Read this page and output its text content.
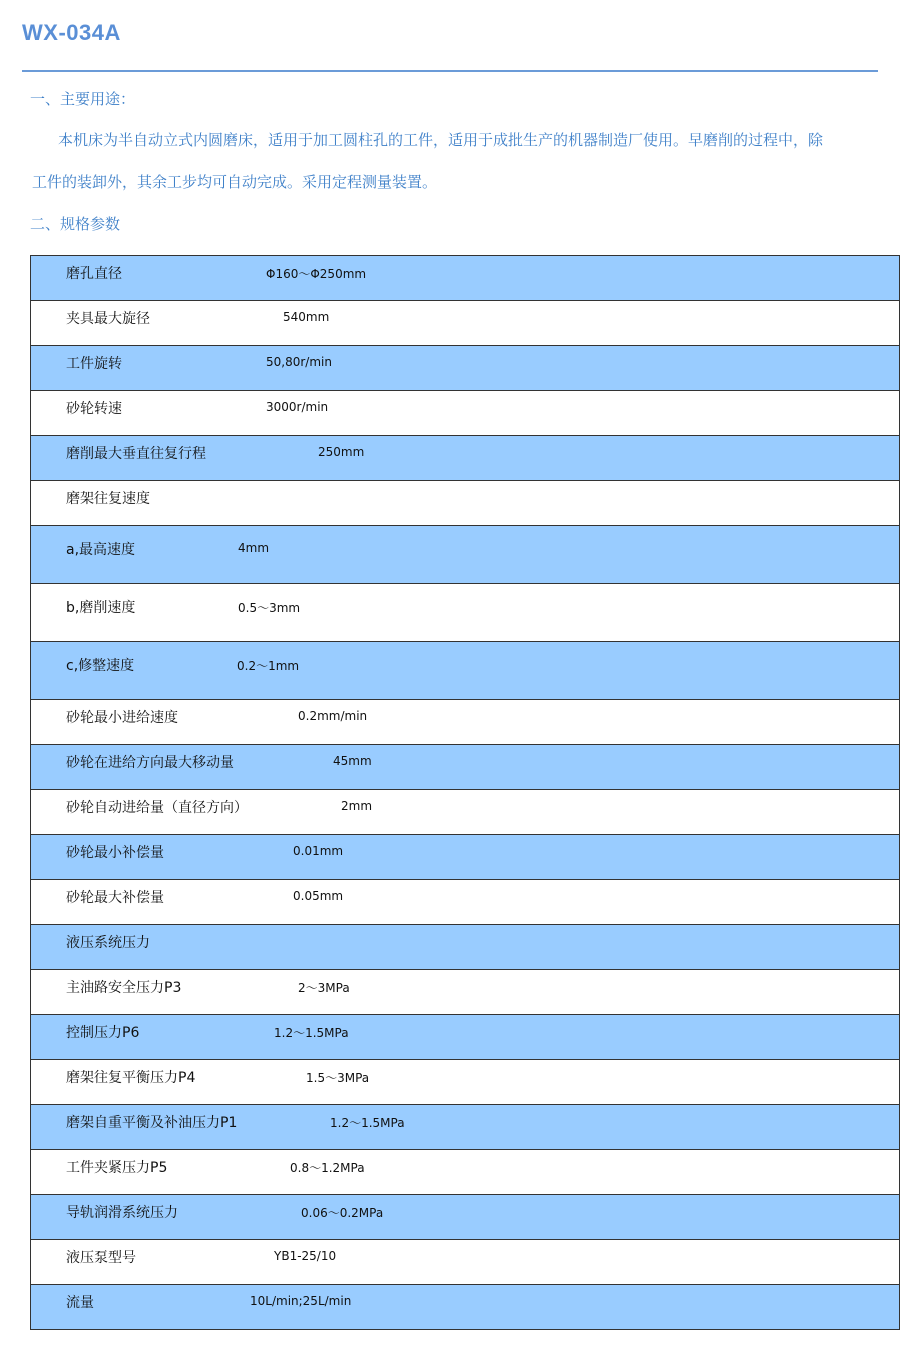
WX-034A
一、主要用途：

本机床为半自动立式内圆磨床，适用于加工圆柱孔的工件，适用于成批生产的机器制造厂使用。早磨削的过程中，除

工件的装卸外，其余工步均可自动完成。采用定程测量装置。

二、规格参数
磨孔直径	Φ160～Φ250mm

夹具最大旋径	540mm

工件旋转	50,80r/min

砂轮转速	3000r/min

磨削最大垂直往复行程	250mm

磨架往复速度

a,最高速度	4mm

b,磨削速度	0.5～3mm

c,修整速度	0.2～1mm

砂轮最小进给速度	0.2mm/min

砂轮在进给方向最大移动量	45mm

砂轮自动进给量（直径方向）	2mm

砂轮最小补偿量	0.01mm

砂轮最大补偿量	0.05mm

液压系统压力

主油路安全压力P3	2～3MPa

控制压力P6	1.2～1.5MPa

磨架往复平衡压力P4	1.5～3MPa

磨架自重平衡及补油压力P1	1.2～1.5MPa

工件夹紧压力P5	0.8～1.2MPa

导轨润滑系统压力	0.06～0.2MPa

液压泵型号	YB1-25/10

流量	10L/min;25L/min
